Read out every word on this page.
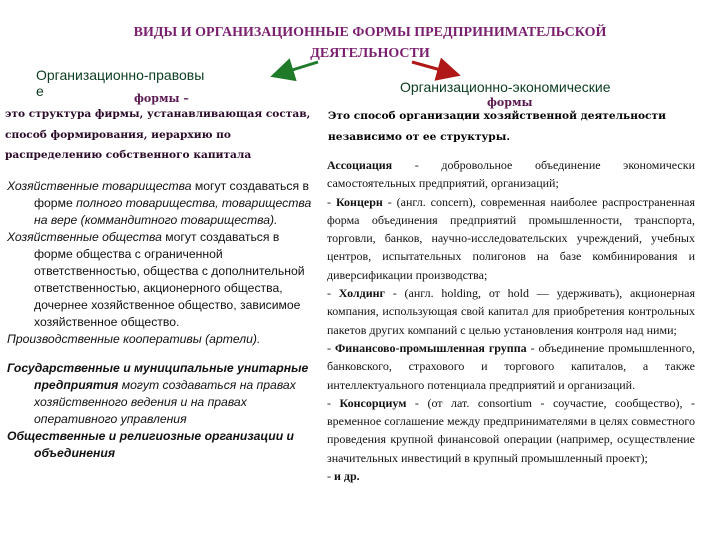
ВИДЫ И ОРГАНИЗАЦИОННЫЕ ФОРМЫ ПРЕДПРИНИМАТЕЛЬСКОЙ
ДЕЯТЕЛЬНОСТИ
Организационно-правовы
е	формы –
это структура фирмы, устанавливающая состав, способ формирования, иерархию по распределению собственного капитала
Организационно-экономические
формы
Это способ организации хозяйственной деятельности независимо от ее структуры.
Хозяйственные товарищества могут создаваться в форме полного товарищества, товарищества на вере (коммандитного товарищества).
Хозяйственные общества могут создаваться в форме общества с ограниченной ответственностью, общества с дополнительной ответственностью, акционерного общества, дочернее хозяйственное общество, зависимое хозяйственное общество.
Производственные кооперативы (артели).
Государственные и муниципальные унитарные предприятия могут создаваться на правах хозяйственного ведения и на правах оперативного управления
Общественные и религиозные организации и объединения

Ассоциация - добровольное объединение экономически самостоятельных предприятий, организаций;

- Концерн - (англ. concern), современная наиболее распространенная форма объединения предприятий промышленности, транспорта, торговли, банков, научно-исследовательских учреждений, учебных центров, испытательных полигонов на базе комбинирования и диверсификации производства;

- Холдинг - (англ. holding, от hold — удерживать), акционерная компания, использующая свой капитал для приобретения контрольных пакетов других компаний с целью установления контроля над ними;

- Финансово-промышленная группа - объединение промышленного, банковского, страхового и торгового капиталов, а также интеллектуального потенциала предприятий и организаций.

- Консорциум - (от лат. consortium - соучастие, сообщество), - временное соглашение между предпринимателями в целях совместного проведения крупной финансовой операции (например, осуществление значительных инвестиций в крупный промышленный проект);

- и др.
